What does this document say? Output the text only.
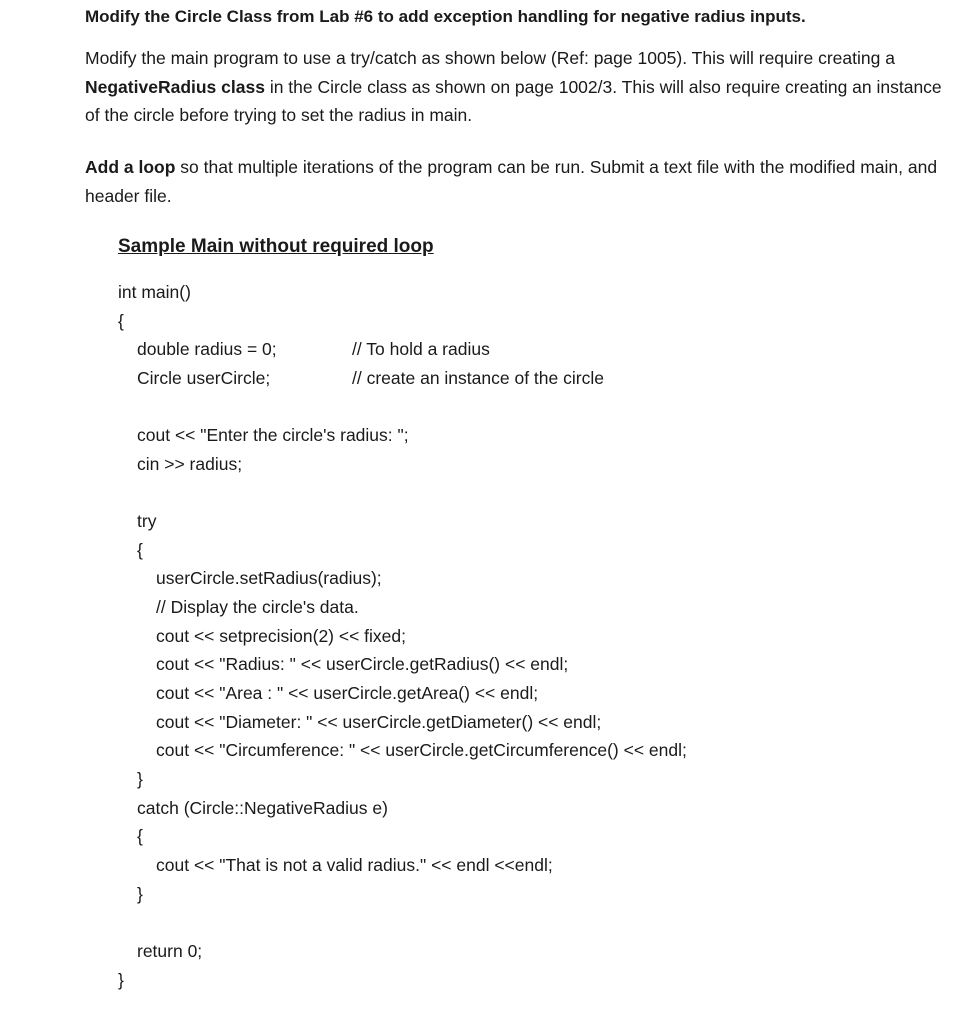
Modify the Circle Class from Lab #6 to add exception handling for negative radius inputs.
Modify the main program to use a try/catch as shown below (Ref: page 1005). This will require creating a NegativeRadius class in the Circle class as shown on page 1002/3. This will also require creating an instance of the circle before trying to set the radius in main.
Add a loop so that multiple iterations of the program can be run. Submit a text file with the modified main, and header file.
Sample Main without required loop
int main()
{
double radius = 0;	// To hold a radius
Circle userCircle;	// create an instance of the circle
cout << "Enter the circle's radius: ";
cin >> radius;
try
{
userCircle.setRadius(radius);
// Display the circle's data.
cout << setprecision(2) << fixed;
cout << "Radius: " << userCircle.getRadius() << endl;
cout << "Area : " << userCircle.getArea() << endl;
cout << "Diameter: " << userCircle.getDiameter() << endl;
cout << "Circumference: " << userCircle.getCircumference() << endl;
}
catch (Circle::NegativeRadius e)
{
cout << "That is not a valid radius." << endl <<endl;
}
return 0;
}
